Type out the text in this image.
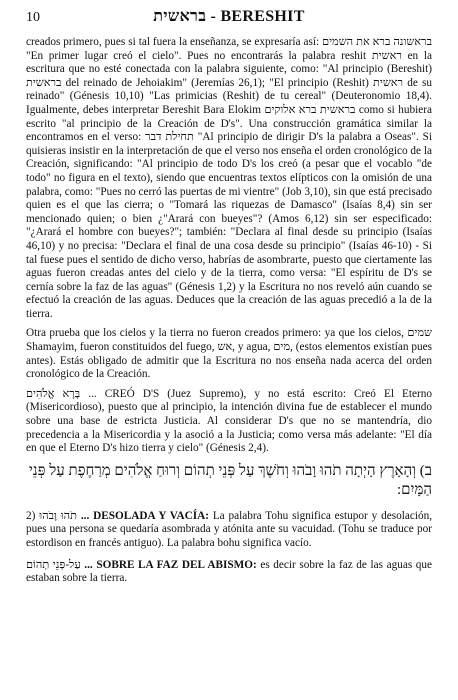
10	בראשית - BERESHIT

creados primero, pues si tal fuera la enseñanza, se expresaría así: בראשונה ברא את השמים "En primer lugar creó el cielo". Pues no encontrarás la palabra reshit ראשית en la escritura que no esté conectada con la palabra siguiente, como: "Al principio (Bereshit) בראשית del reinado de Jehoiakim" (Jeremías 26,1); "El principio (Reshit) ראשית de su reinado" (Génesis 10,10) "Las primicias (Reshit) de tu cereal" (Deuteronomio 18,4). Igualmente, debes interpretar Bereshit Bara Elokim בראשית ברא אלוקים como si hubiera escrito "al principio de la Creación de D's". Una construcción gramática similar la encontramos en el verso: תחילת דבר "Al principio de dirigir D's la palabra a Oseas". Si quisieras insistir en la interpretación de que el verso nos enseña el orden cronológico de la Creación, significando: "Al principio de todo D's los creó (a pesar que el vocablo "de todo" no figura en el texto), siendo que encuentras textos elípticos con la omisión de una palabra, como: "Pues no cerró las puertas de mi vientre" (Job 3,10), sin que está precisado quien es el que las cierra; o "Tomará las riquezas de Damasco" (Isaías 8,4) sin ser mencionado quien; o bien ¿"Arará con bueyes"? (Amos 6,12) sin ser especificado: "¿Arará el hombre con bueyes?"; también: "Declara al final desde su principio (Isaías 46,10) y no precisa: "Declara el final de una cosa desde su principio" (Isaías 46-10) - Si tal fuese pues el sentido de dicho verso, habrías de asombrarte, puesto que ciertamente las aguas fueron creadas antes del cielo y de la tierra, como versa: "El espíritu de D's se cernía sobre la faz de las aguas" (Génesis 1,2) y la Escritura no nos reveló aún cuando se efectuó la creación de las aguas. Deduces que la creación de las aguas precedió a la de la tierra.

Otra prueba que los cielos y la tierra no fueron creados primero: ya que los cielos, שמים Shamayim, fueron constituidos del fuego, אש, y agua, מים, (estos elementos existían pues antes). Estás obligado de admitir que la Escritura no nos enseña nada acerca del orden cronológico de la Creación.

בָּרָא אֱלֹהִים ... CREÓ D'S (Juez Supremo), y no está escrito: Creó El Eterno (Misericordioso), puesto que al principio, la intención divina fue de establecer el mundo sobre una base de estricta Justicia. Al considerar D's que no se mantendría, dio precedencia a la Misericordia y la asoció a la Justicia; como versa más adelante: "El día en que el Eterno D's hizo tierra y cielo" (Génesis 2,4).

ב) וְהָאָרֶץ הָיְתָה תֹהוּ וָבֹהוּ וְחֹשֶׁךְ עַל פְּנֵי תְהוֹם וְרוּחַ אֱלֹהִים מְרַחֶפֶת עַל פְּנֵי הַמָּיִם:

2) תֹהוּ וָבֹהוּ ... DESOLADA Y VACÍA: La palabra Tohu significa estupor y desolación, pues una persona se quedaría asombrada y atónita ante su vacuidad. (Tohu se traduce por estordison en francés antiguo). La palabra bohu significa vacío.

עַל-פְּנֵי תְהוֹם ... SOBRE LA FAZ DEL ABISMO: es decir sobre la faz de las aguas que estaban sobre la tierra.
